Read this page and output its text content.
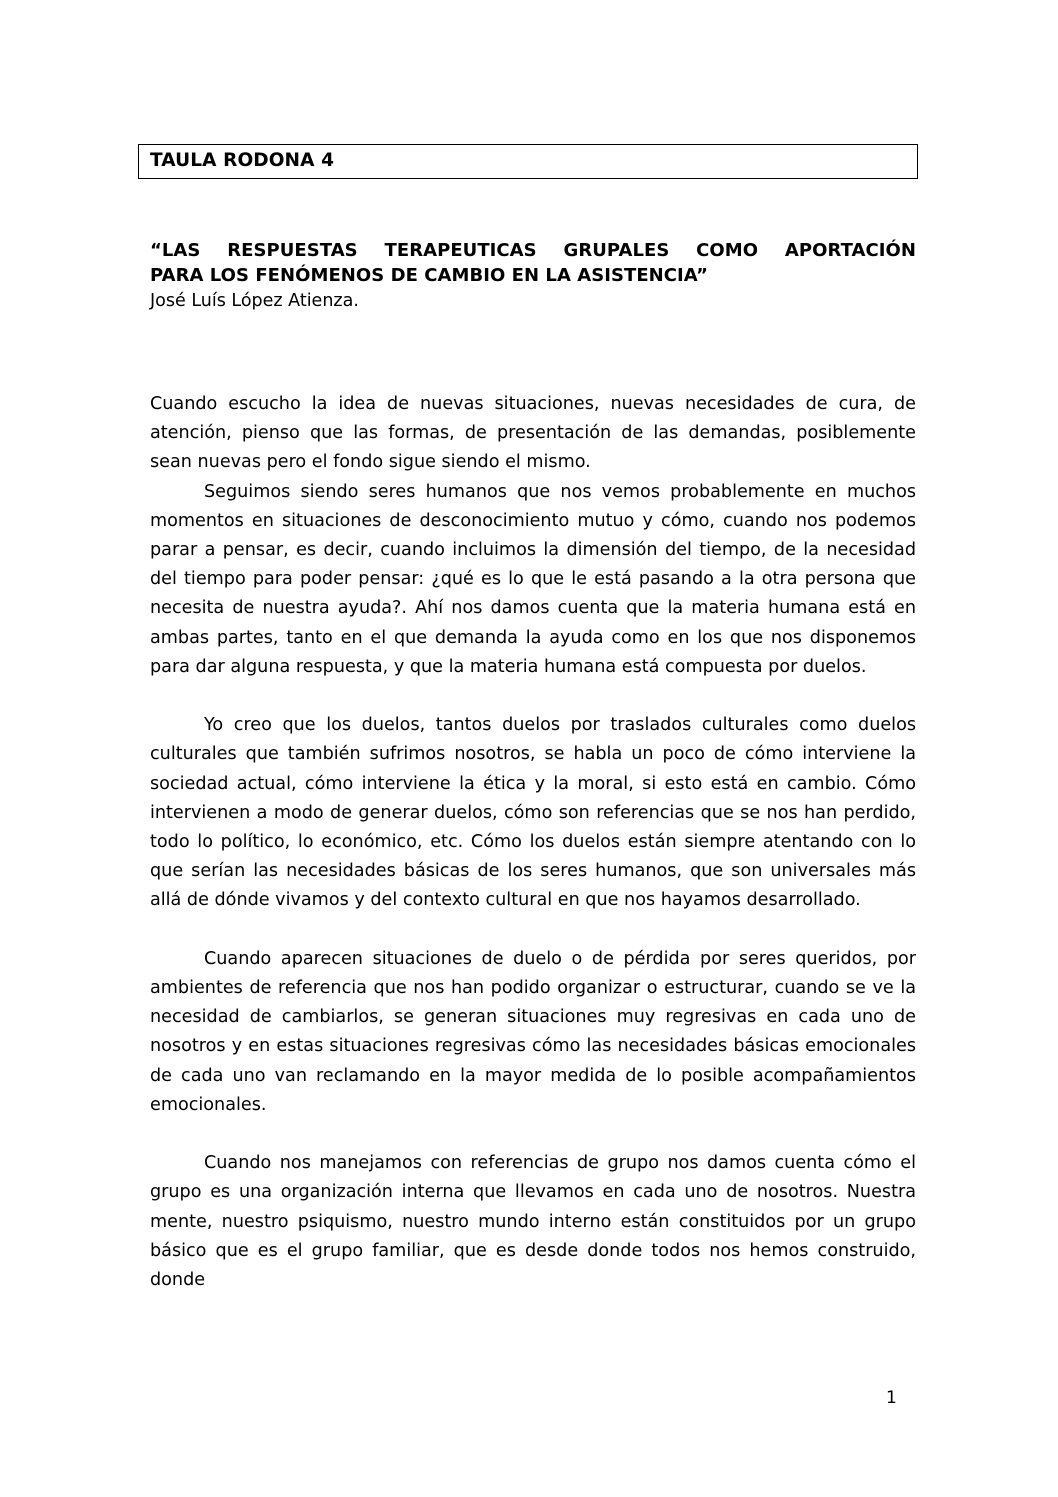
TAULA RODONA 4
“LAS RESPUESTAS TERAPEUTICAS GRUPALES COMO APORTACIÓN
PARA LOS FENÓMENOS DE CAMBIO EN LA ASISTENCIA”

José Luís López Atienza.

Cuando escucho la idea de nuevas situaciones, nuevas necesidades de cura, de atención, pienso que las formas, de presentación de las demandas, posiblemente sean nuevas pero el fondo sigue siendo el mismo.

Seguimos siendo seres humanos que nos vemos probablemente en muchos momentos en situaciones de desconocimiento mutuo y cómo, cuando nos podemos parar a pensar, es decir, cuando incluimos la dimensión del tiempo, de la necesidad del tiempo para poder pensar: ¿qué es lo que le está pasando a la otra persona que necesita de nuestra ayuda?. Ahí nos damos cuenta que la materia humana está en ambas partes, tanto en el que demanda la ayuda como en los que nos disponemos para dar alguna respuesta, y que la materia humana está compuesta por duelos.

Yo creo que los duelos, tantos duelos por traslados culturales como duelos culturales que también sufrimos nosotros, se habla un poco de cómo interviene la sociedad actual, cómo interviene la ética y la moral, si esto está en cambio. Cómo intervienen a modo de generar duelos, cómo son referencias que se nos han perdido, todo lo político, lo económico, etc. Cómo los duelos están siempre atentando con lo que serían las necesidades básicas de los seres humanos, que son universales más allá de dónde vivamos y del contexto cultural en que nos hayamos desarrollado.

Cuando aparecen situaciones de duelo o de pérdida por seres queridos, por ambientes de referencia que nos han podido organizar o estructurar, cuando se ve la necesidad de cambiarlos, se generan situaciones muy regresivas en cada uno de nosotros y en estas situaciones regresivas cómo las necesidades básicas emocionales de cada uno van reclamando en la mayor medida de lo posible acompañamientos emocionales.

Cuando nos manejamos con referencias de grupo nos damos cuenta cómo el grupo es una organización interna que llevamos en cada uno de nosotros. Nuestra mente, nuestro psiquismo, nuestro mundo interno están constituidos por un grupo básico que es el grupo familiar, que es desde donde todos nos hemos construido, donde

1
